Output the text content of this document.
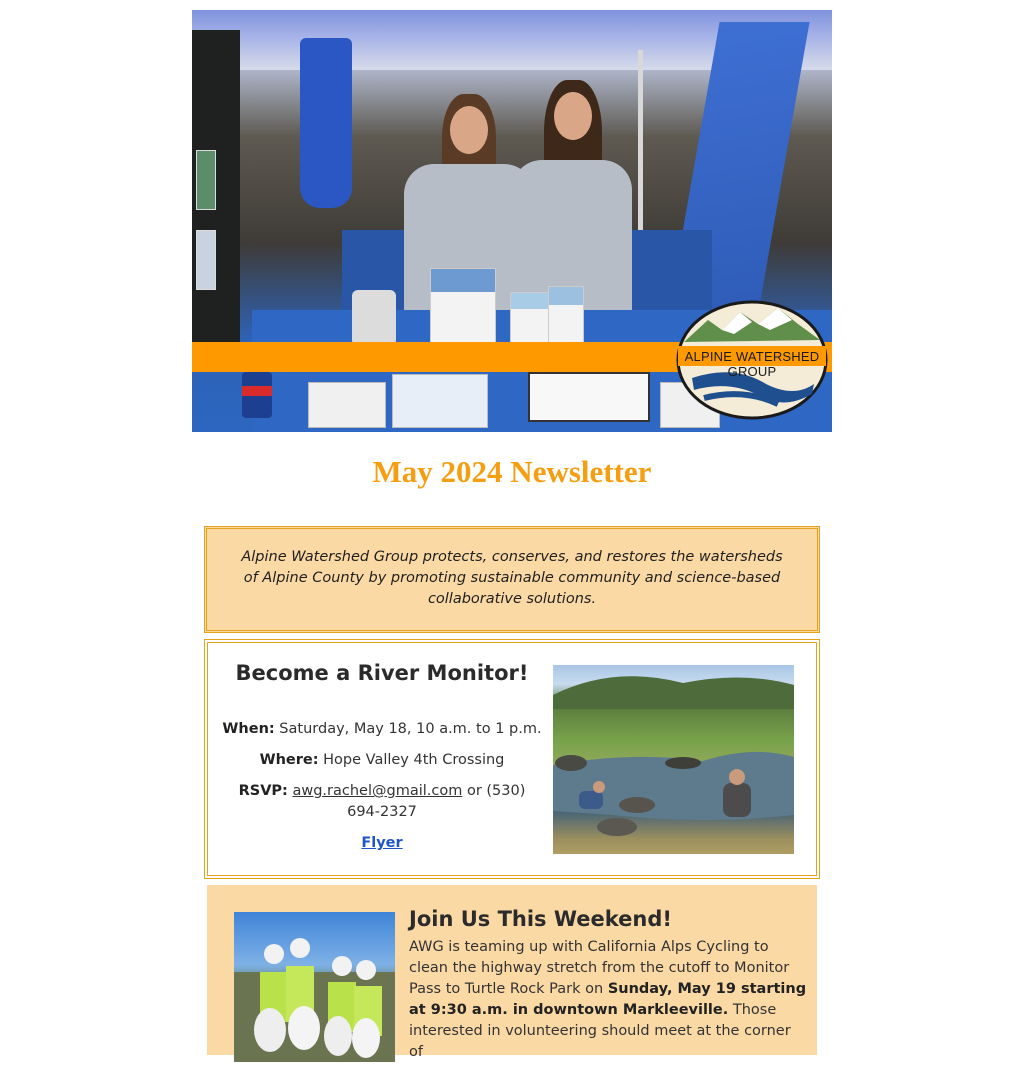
ALPINE WATERSHED GROUP
May 2024 Newsletter
Alpine Watershed Group protects, conserves, and restores the watersheds of Alpine County by promoting sustainable community and science-based collaborative solutions.
Become a River Monitor!

When: Saturday, May 18, 10 a.m. to 1 p.m.

Where: Hope Valley 4th Crossing

RSVP: awg.rachel@gmail.com or (530) 694-2327

Flyer

Join Us This Weekend!

AWG is teaming up with California Alps Cycling to clean the highway stretch from the cutoff to Monitor Pass to Turtle Rock Park on Sunday, May 19 starting at 9:30 a.m. in downtown Markleeville. Those interested in volunteering should meet at the corner of
